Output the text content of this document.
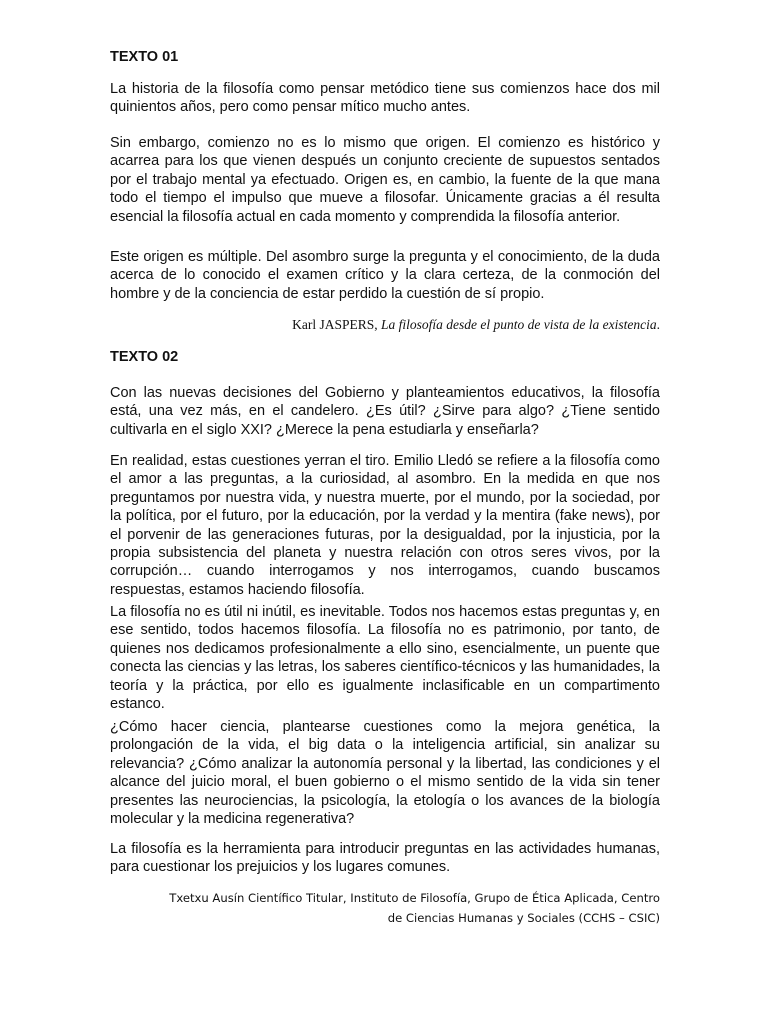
TEXTO 01
La historia de la filosofía como pensar metódico tiene sus comienzos hace dos mil quinientos años, pero como pensar mítico mucho antes.
Sin embargo, comienzo no es lo mismo que origen. El comienzo es histórico y acarrea para los que vienen después un conjunto creciente de supuestos sentados por el trabajo mental ya efectuado. Origen es, en cambio, la fuente de la que mana todo el tiempo el impulso que mueve a filosofar. Únicamente gracias a él resulta esencial la filosofía actual en cada momento y comprendida la filosofía anterior.
Este origen es múltiple. Del asombro surge la pregunta y el conocimiento, de la duda acerca de lo conocido el examen crítico y la clara certeza, de la conmoción del hombre y de la conciencia de estar perdido la cuestión de sí propio.
Karl JASPERS, La filosofía desde el punto de vista de la existencia.
TEXTO 02
Con las nuevas decisiones del Gobierno y planteamientos educativos, la filosofía está, una vez más, en el candelero. ¿Es útil? ¿Sirve para algo? ¿Tiene sentido cultivarla en el siglo XXI? ¿Merece la pena estudiarla y enseñarla?
En realidad, estas cuestiones yerran el tiro. Emilio Lledó se refiere a la filosofía como el amor a las preguntas, a la curiosidad, al asombro. En la medida en que nos preguntamos por nuestra vida, y nuestra muerte, por el mundo, por la sociedad, por la política, por el futuro, por la educación, por la verdad y la mentira (fake news), por el porvenir de las generaciones futuras, por la desigualdad, por la injusticia, por la propia subsistencia del planeta y nuestra relación con otros seres vivos, por la corrupción… cuando interrogamos y nos interrogamos, cuando buscamos respuestas, estamos haciendo filosofía.
La filosofía no es útil ni inútil, es inevitable. Todos nos hacemos estas preguntas y, en ese sentido, todos hacemos filosofía. La filosofía no es patrimonio, por tanto, de quienes nos dedicamos profesionalmente a ello sino, esencialmente, un puente que conecta las ciencias y las letras, los saberes científico-técnicos y las humanidades, la teoría y la práctica, por ello es igualmente inclasificable en un compartimento estanco.
¿Cómo hacer ciencia, plantearse cuestiones como la mejora genética, la prolongación de la vida, el big data o la inteligencia artificial, sin analizar su relevancia? ¿Cómo analizar la autonomía personal y la libertad, las condiciones y el alcance del juicio moral, el buen gobierno o el mismo sentido de la vida sin tener presentes las neurociencias, la psicología, la etología o los avances de la biología molecular y la medicina regenerativa?
La filosofía es la herramienta para introducir preguntas en las actividades humanas, para cuestionar los prejuicios y los lugares comunes.
Txetxu Ausín Científico Titular, Instituto de Filosofía, Grupo de Ética Aplicada, Centro
de Ciencias Humanas y Sociales (CCHS – CSIC)
